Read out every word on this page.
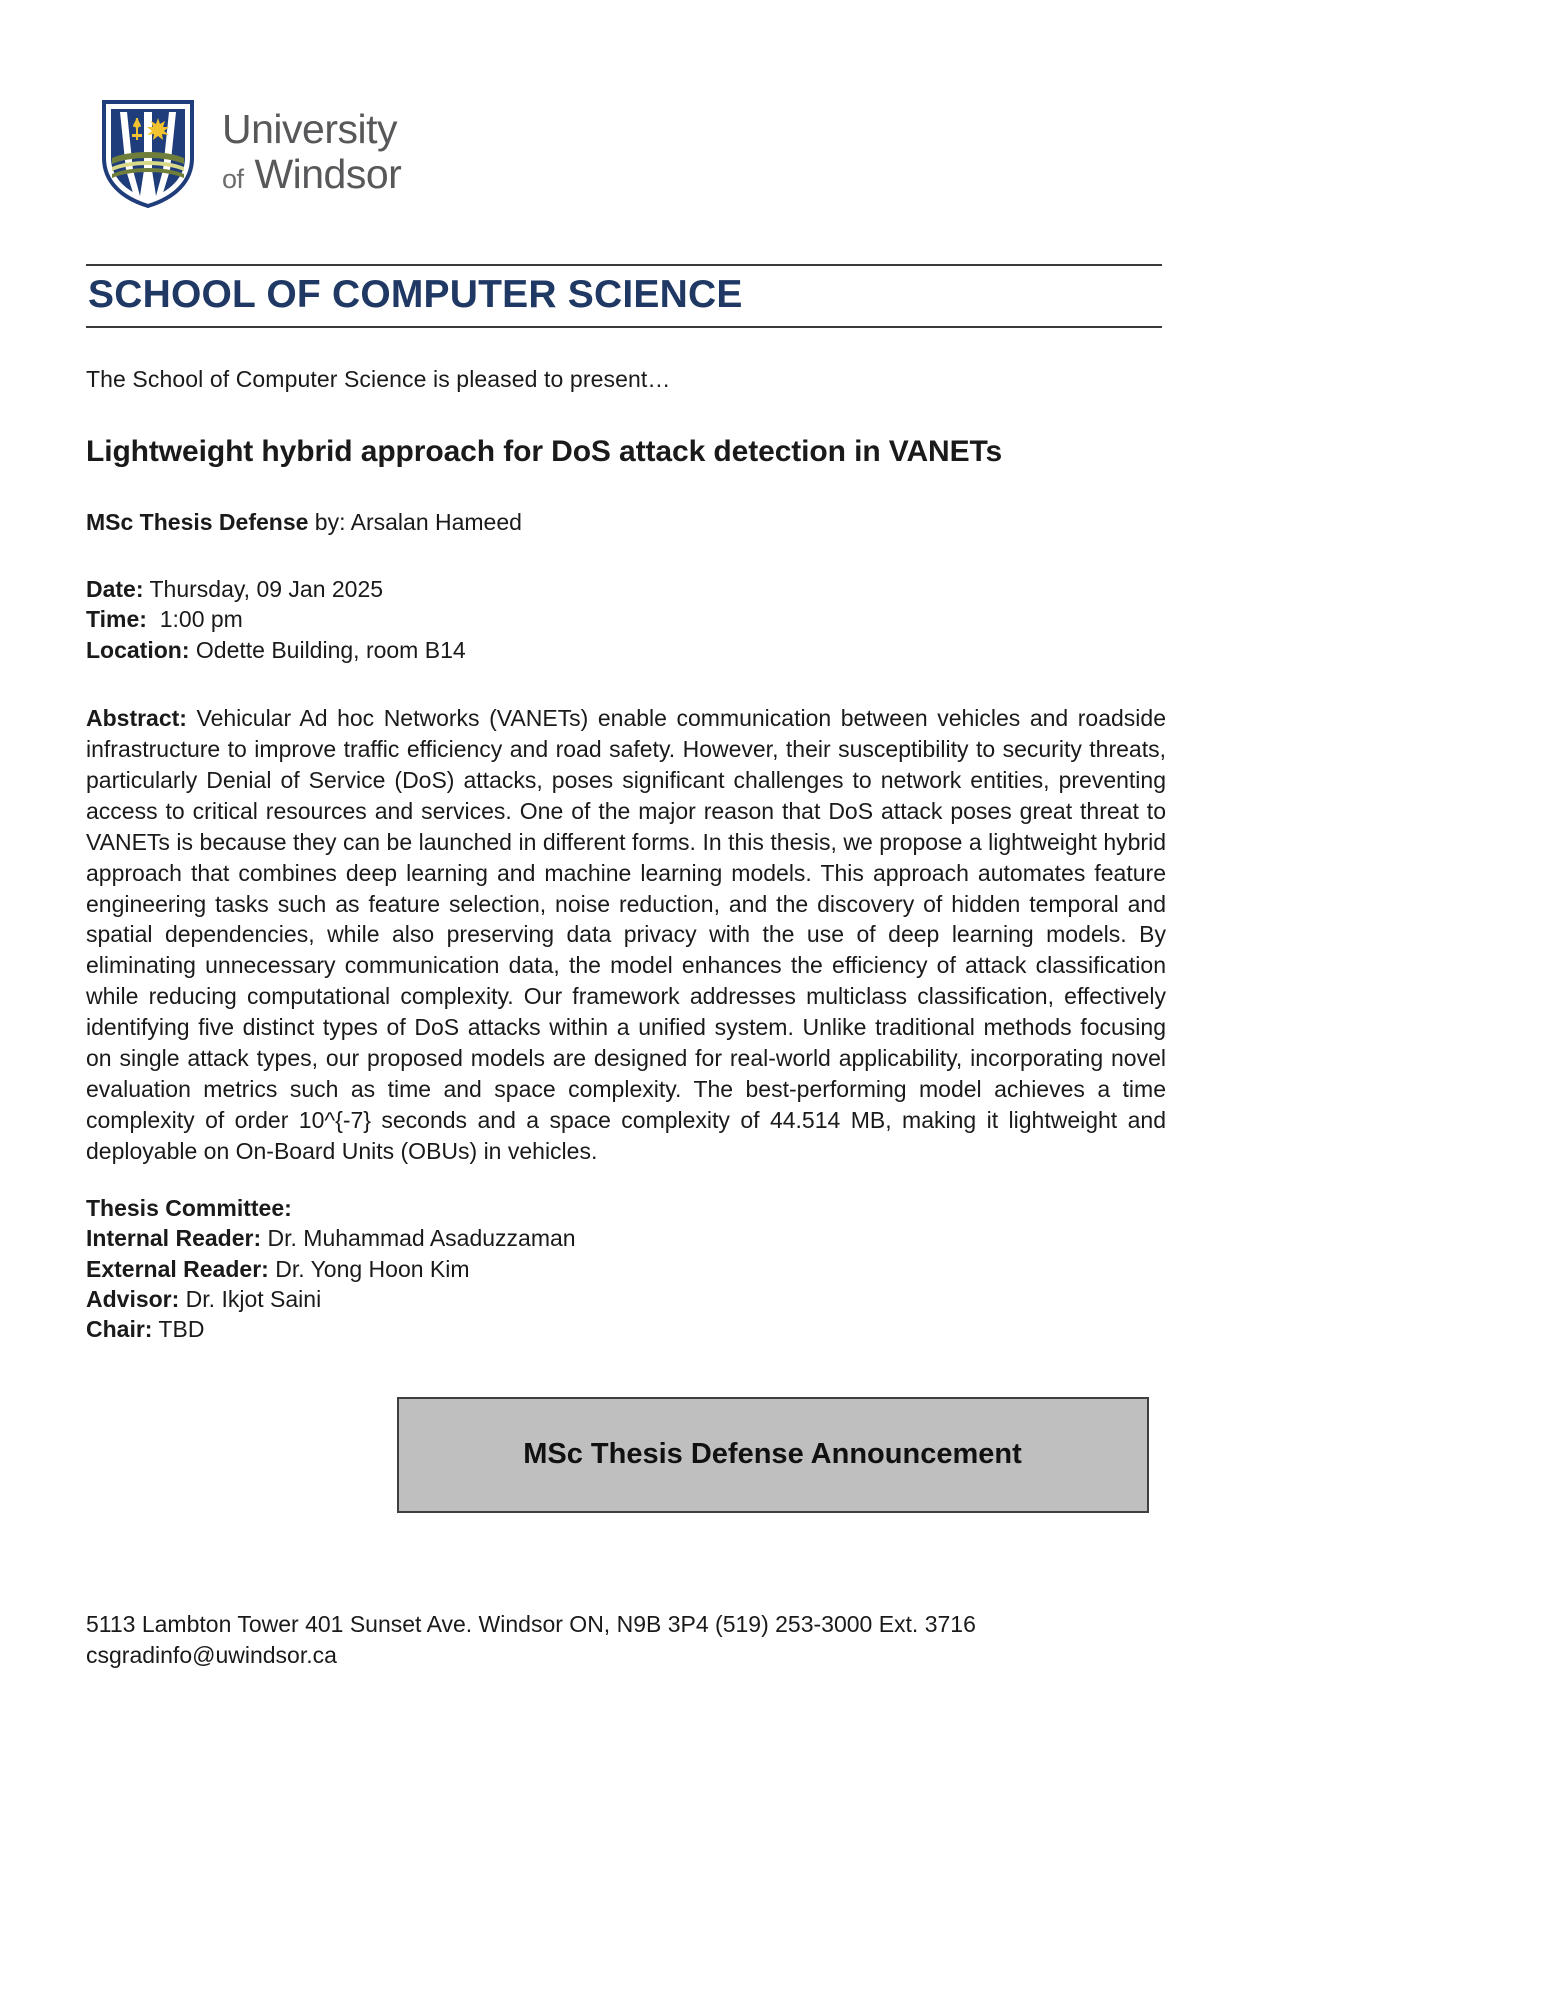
University
of Windsor
SCHOOL OF COMPUTER SCIENCE
The School of Computer Science is pleased to present…
Lightweight hybrid approach for DoS attack detection in VANETs
MSc Thesis Defense by: Arsalan Hameed
Date: Thursday, 09 Jan 2025
Time:  1:00 pm
Location: Odette Building, room B14
Abstract: Vehicular Ad hoc Networks (VANETs) enable communication between vehicles and roadside infrastructure to improve traffic efficiency and road safety. However, their susceptibility to security threats, particularly Denial of Service (DoS) attacks, poses significant challenges to network entities, preventing access to critical resources and services. One of the major reason that DoS attack poses great threat to VANETs is because they can be launched in different forms. In this thesis, we propose a lightweight hybrid approach that combines deep learning and machine learning models. This approach automates feature engineering tasks such as feature selection, noise reduction, and the discovery of hidden temporal and spatial dependencies, while also preserving data privacy with the use of deep learning models. By eliminating unnecessary communication data, the model enhances the efficiency of attack classification while reducing computational complexity. Our framework addresses multiclass classification, effectively identifying five distinct types of DoS attacks within a unified system. Unlike traditional methods focusing on single attack types, our proposed models are designed for real-world applicability, incorporating novel evaluation metrics such as time and space complexity. The best-performing model achieves a time complexity of order 10^{-7} seconds and a space complexity of 44.514 MB, making it lightweight and deployable on On-Board Units (OBUs) in vehicles.
Thesis Committee:
Internal Reader: Dr. Muhammad Asaduzzaman
External Reader: Dr. Yong Hoon Kim
Advisor: Dr. Ikjot Saini
Chair: TBD
MSc Thesis Defense Announcement
5113 Lambton Tower 401 Sunset Ave. Windsor ON, N9B 3P4 (519) 253-3000 Ext. 3716
csgradinfo@uwindsor.ca
